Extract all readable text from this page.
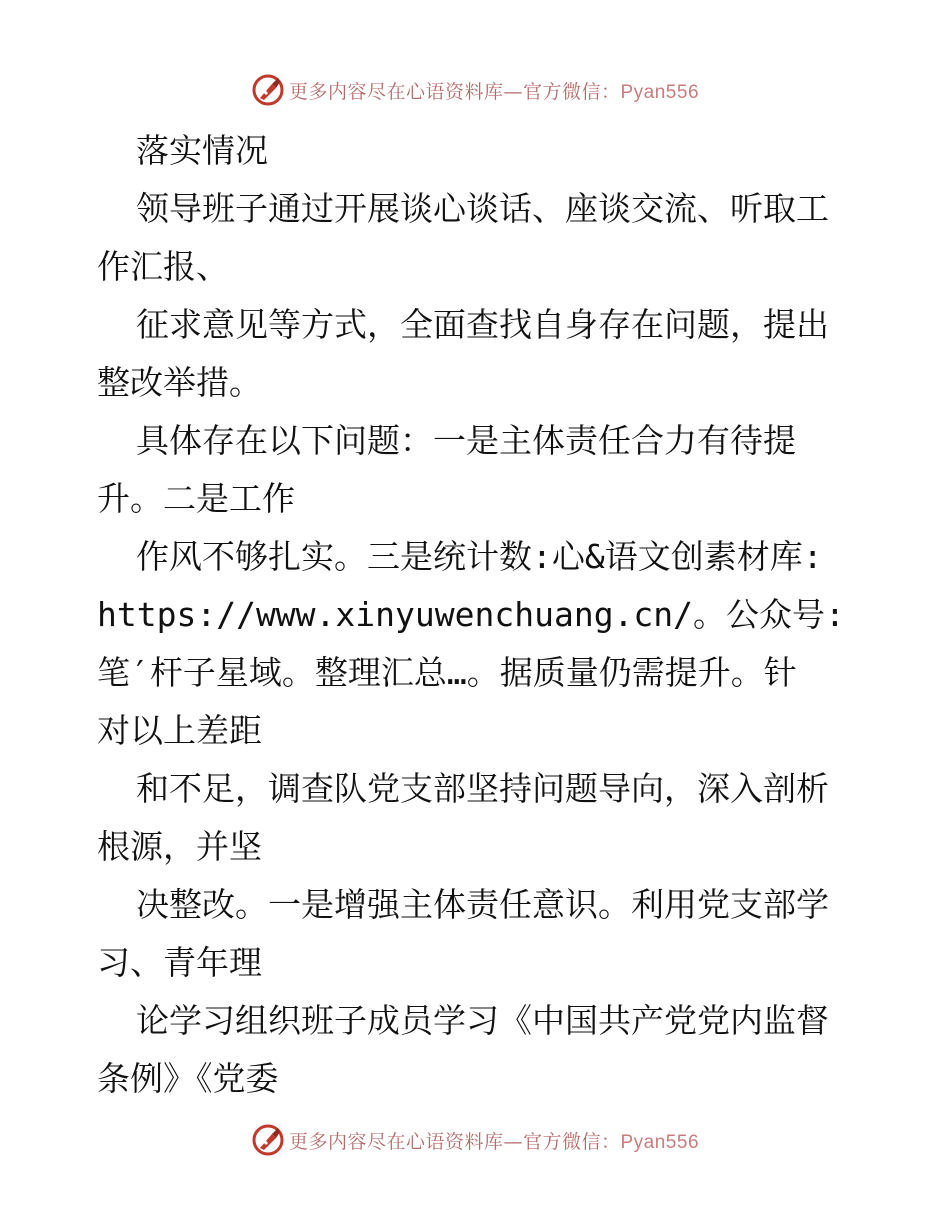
更多内容尽在心语资料库—官方微信：Pyan556
落实情况
领导班子通过开展谈心谈话、座谈交流、听取工
作汇报、
征求意见等方式，全面查找自身存在问题，提出
整改举措。
具体存在以下问题：一是主体责任合力有待提
升。二是工作
作风不够扎实。三是统计数:心&语文创素材库:
https://www.xinyuwenchuang.cn/。公众号:
笔′杆子星域。整理汇总…。据质量仍需提升。针
对以上差距
和不足，调查队党支部坚持问题导向，深入剖析
根源，并坚
决整改。一是增强主体责任意识。利用党支部学
习、青年理
论学习组织班子成员学习《中国共产党党内监督
条例》《党委
更多内容尽在心语资料库—官方微信：Pyan556
